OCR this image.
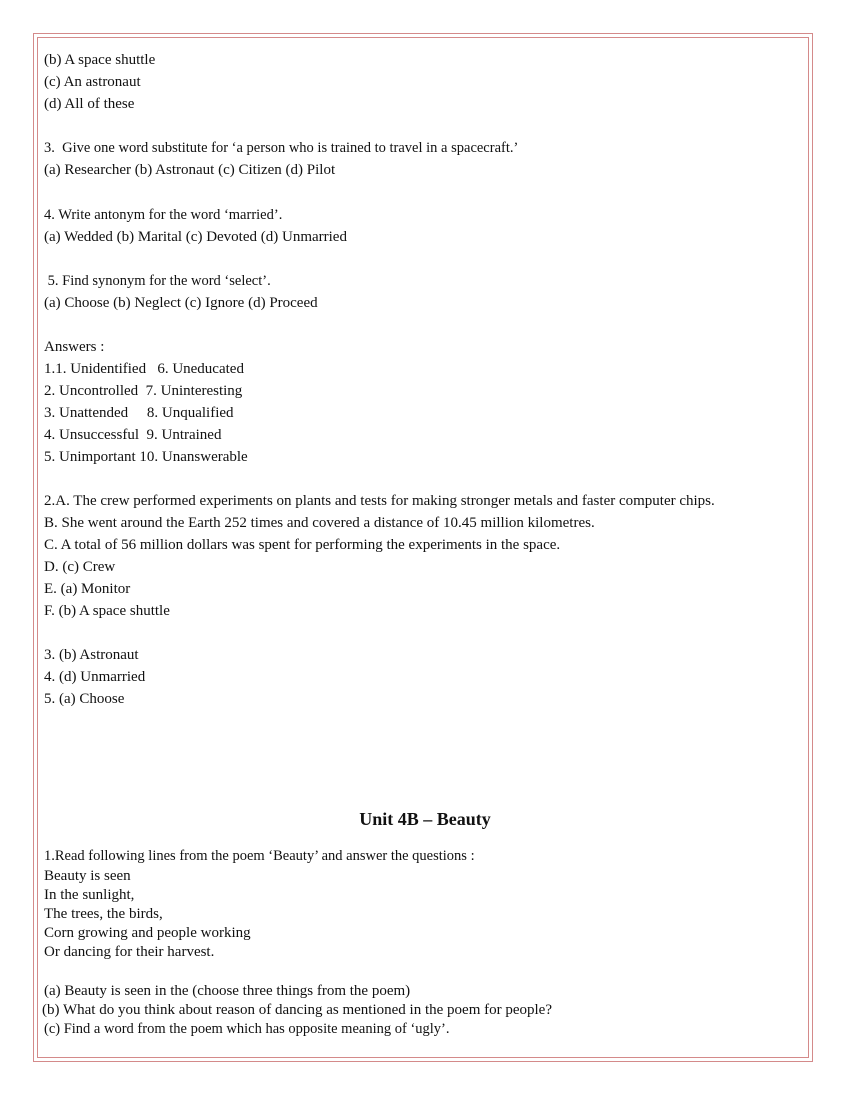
(b) A space shuttle
(c) An astronaut
(d) All of these
3.  Give one word substitute for ‘a person who is trained to travel in a spacecraft.’
(a) Researcher (b) Astronaut (c) Citizen (d) Pilot
4. Write antonym for the word ‘married’.
(a) Wedded (b) Marital (c) Devoted (d) Unmarried
5. Find synonym for the word ‘select’.
(a) Choose (b) Neglect (c) Ignore (d) Proceed
Answers :
1.1. Unidentified   6. Uneducated
2. Uncontrolled  7. Uninteresting
3. Unattended     8. Unqualified
4. Unsuccessful  9. Untrained
5. Unimportant 10. Unanswerable
2.A. The crew performed experiments on plants and tests for making stronger metals and faster computer chips.
B. She went around the Earth 252 times and covered a distance of 10.45 million kilometres.
C. A total of 56 million dollars was spent for performing the experiments in the space.
D. (c) Crew
E. (a) Monitor
F. (b) A space shuttle
3. (b) Astronaut
4. (d) Unmarried
5. (a) Choose
Unit 4B – Beauty
1.Read following lines from the poem ‘Beauty’ and answer the questions :
Beauty is seen
In the sunlight,
The trees, the birds,
Corn growing and people working
Or dancing for their harvest.
(a) Beauty is seen in the (choose three things from the poem)
(b) What do you think about reason of dancing as mentioned in the poem for people?
(c) Find a word from the poem which has opposite meaning of ‘ugly’.
